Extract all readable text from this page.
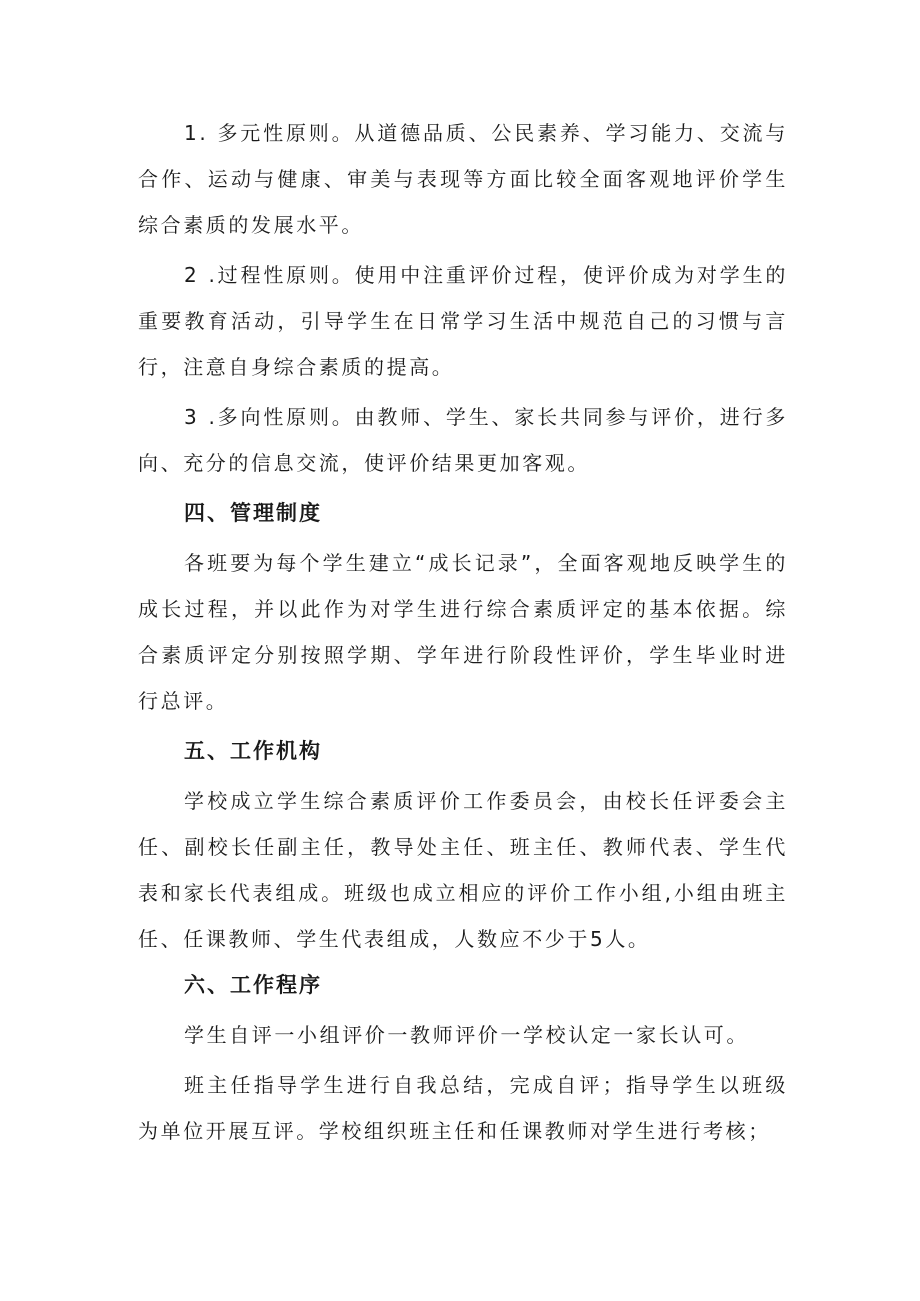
1. 多元性原则。从道德品质、公民素养、学习能力、交流与合作、运动与健康、审美与表现等方面比较全面客观地评价学生综合素质的发展水平。

2 .过程性原则。使用中注重评价过程，使评价成为对学生的重要教育活动，引导学生在日常学习生活中规范自己的习惯与言行，注意自身综合素质的提高。

3 .多向性原则。由教师、学生、家长共同参与评价，进行多向、充分的信息交流，使评价结果更加客观。

四、管理制度

各班要为每个学生建立“成长记录”，全面客观地反映学生的成长过程，并以此作为对学生进行综合素质评定的基本依据。综合素质评定分别按照学期、学年进行阶段性评价，学生毕业时进行总评。

五、工作机构

学校成立学生综合素质评价工作委员会，由校长任评委会主任、副校长任副主任，教导处主任、班主任、教师代表、学生代表和家长代表组成。班级也成立相应的评价工作小组,小组由班主任、任课教师、学生代表组成，人数应不少于5人。

六、工作程序

学生自评一小组评价一教师评价一学校认定一家长认可。

班主任指导学生进行自我总结，完成自评；指导学生以班级为单位开展互评。学校组织班主任和任课教师对学生进行考核；
